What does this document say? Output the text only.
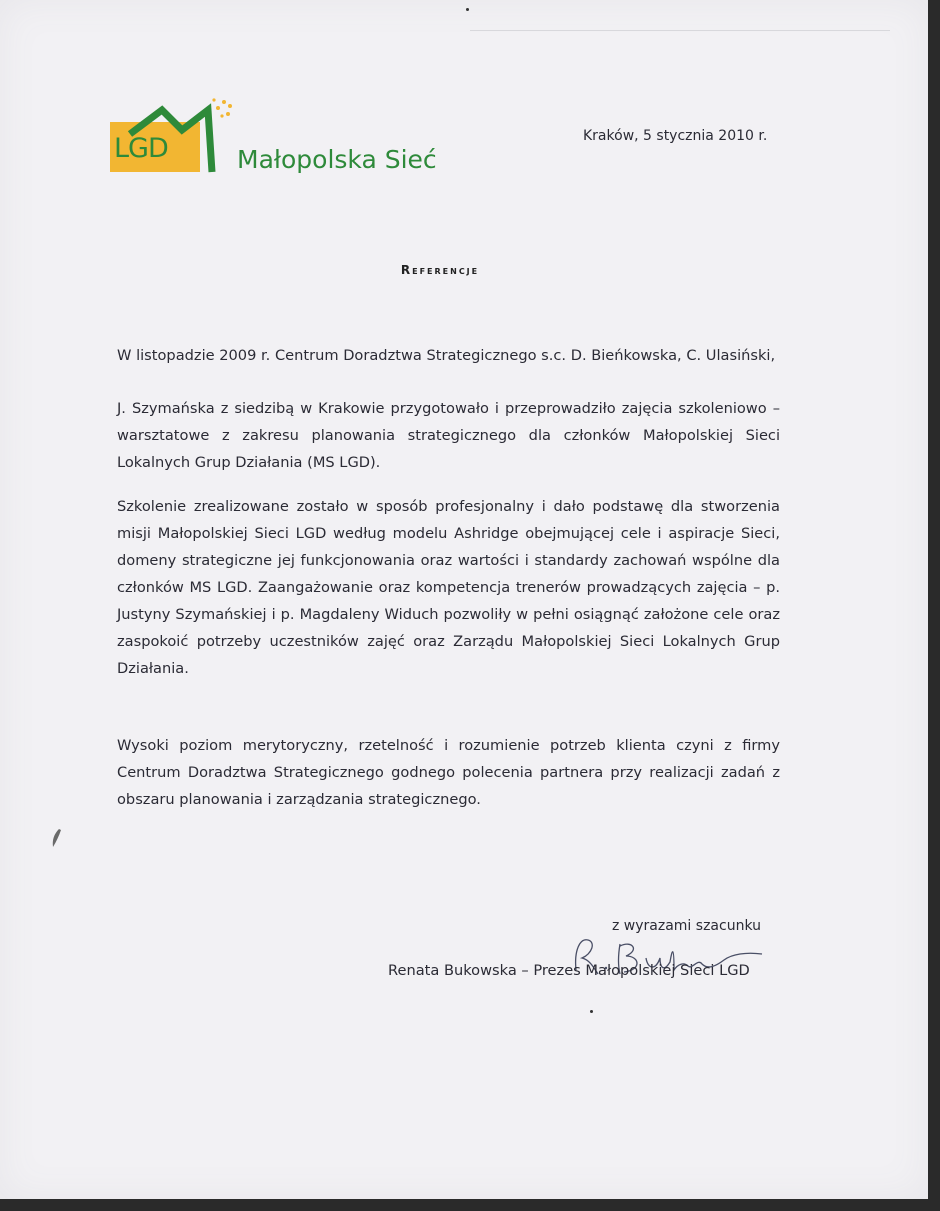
LGD	Małopolska Sieć
Kraków, 5 stycznia 2010 r.
Referencje

W listopadzie 2009 r. Centrum Doradztwa Strategicznego s.c. D. Bieńkowska, C. Ulasiński,

J. Szymańska z siedzibą w Krakowie przygotowało i przeprowadziło zajęcia szkoleniowo – warsztatowe z zakresu planowania strategicznego dla członków Małopolskiej Sieci Lokalnych Grup Działania (MS LGD).

Szkolenie zrealizowane zostało w sposób profesjonalny i dało podstawę dla stworzenia misji Małopolskiej Sieci LGD według modelu Ashridge obejmującej cele i aspiracje Sieci, domeny strategiczne jej funkcjonowania oraz wartości i standardy zachowań wspólne dla członków MS LGD. Zaangażowanie oraz kompetencja trenerów prowadzących zajęcia – p. Justyny Szymańskiej i p. Magdaleny Widuch pozwoliły w pełni osiągnąć założone cele oraz zaspokoić potrzeby uczestników zajęć oraz Zarządu Małopolskiej Sieci Lokalnych Grup Działania.

Wysoki poziom merytoryczny, rzetelność i rozumienie potrzeb klienta czyni z firmy Centrum Doradztwa Strategicznego godnego polecenia partnera przy realizacji zadań z obszaru planowania i zarządzania strategicznego.

z wyrazami szacunku
Renata Bukowska – Prezes Małopolskiej Sieci LGD
